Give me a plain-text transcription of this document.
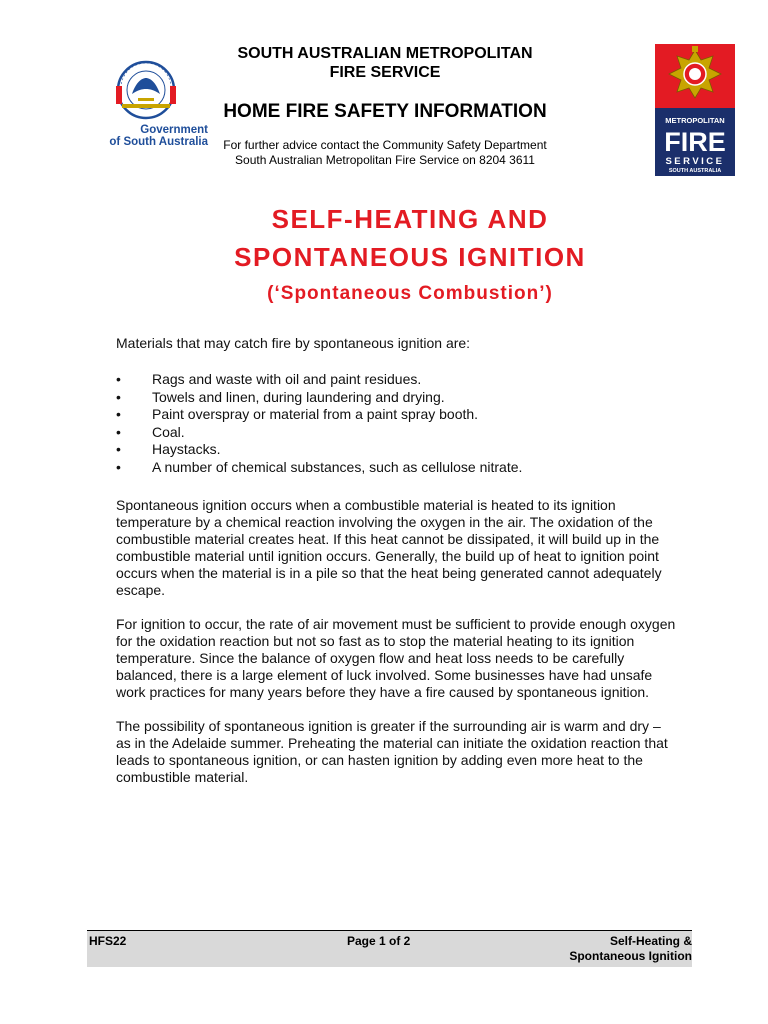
Government
of South Australia
SOUTH AUSTRALIAN METROPOLITAN
FIRE SERVICE
HOME FIRE SAFETY INFORMATION
For further advice contact the Community Safety Department
South Australian Metropolitan Fire Service on 8204 3611
METROPOLITAN
FIRE
SERVICE
SOUTH AUSTRALIA
SELF-HEATING AND
SPONTANEOUS IGNITION
(‘Spontaneous Combustion’)

Materials that may catch fire by spontaneous ignition are:

• Rags and waste with oil and paint residues.
• Towels and linen, during laundering and drying.
• Paint overspray or material from a paint spray booth.
• Coal.
• Haystacks.
• A number of chemical substances, such as cellulose nitrate.

Spontaneous ignition occurs when a combustible material is heated to its ignition temperature by a chemical reaction involving the oxygen in the air. The oxidation of the combustible material creates heat. If this heat cannot be dissipated, it will build up in the combustible material until ignition occurs. Generally, the build up of heat to ignition point occurs when the material is in a pile so that the heat being generated cannot adequately escape.

For ignition to occur, the rate of air movement must be sufficient to provide enough oxygen for the oxidation reaction but not so fast as to stop the material heating to its ignition temperature. Since the balance of oxygen flow and heat loss needs to be carefully balanced, there is a large element of luck involved. Some businesses have had unsafe work practices for many years before they have a fire caused by spontaneous ignition.

The possibility of spontaneous ignition is greater if the surrounding air is warm and dry – as in the Adelaide summer. Preheating the material can initiate the oxidation reaction that leads to spontaneous ignition, or can hasten ignition by adding even more heat to the combustible material.

HFS22	Page 1 of 2	Self-Heating &
Spontaneous Ignition
